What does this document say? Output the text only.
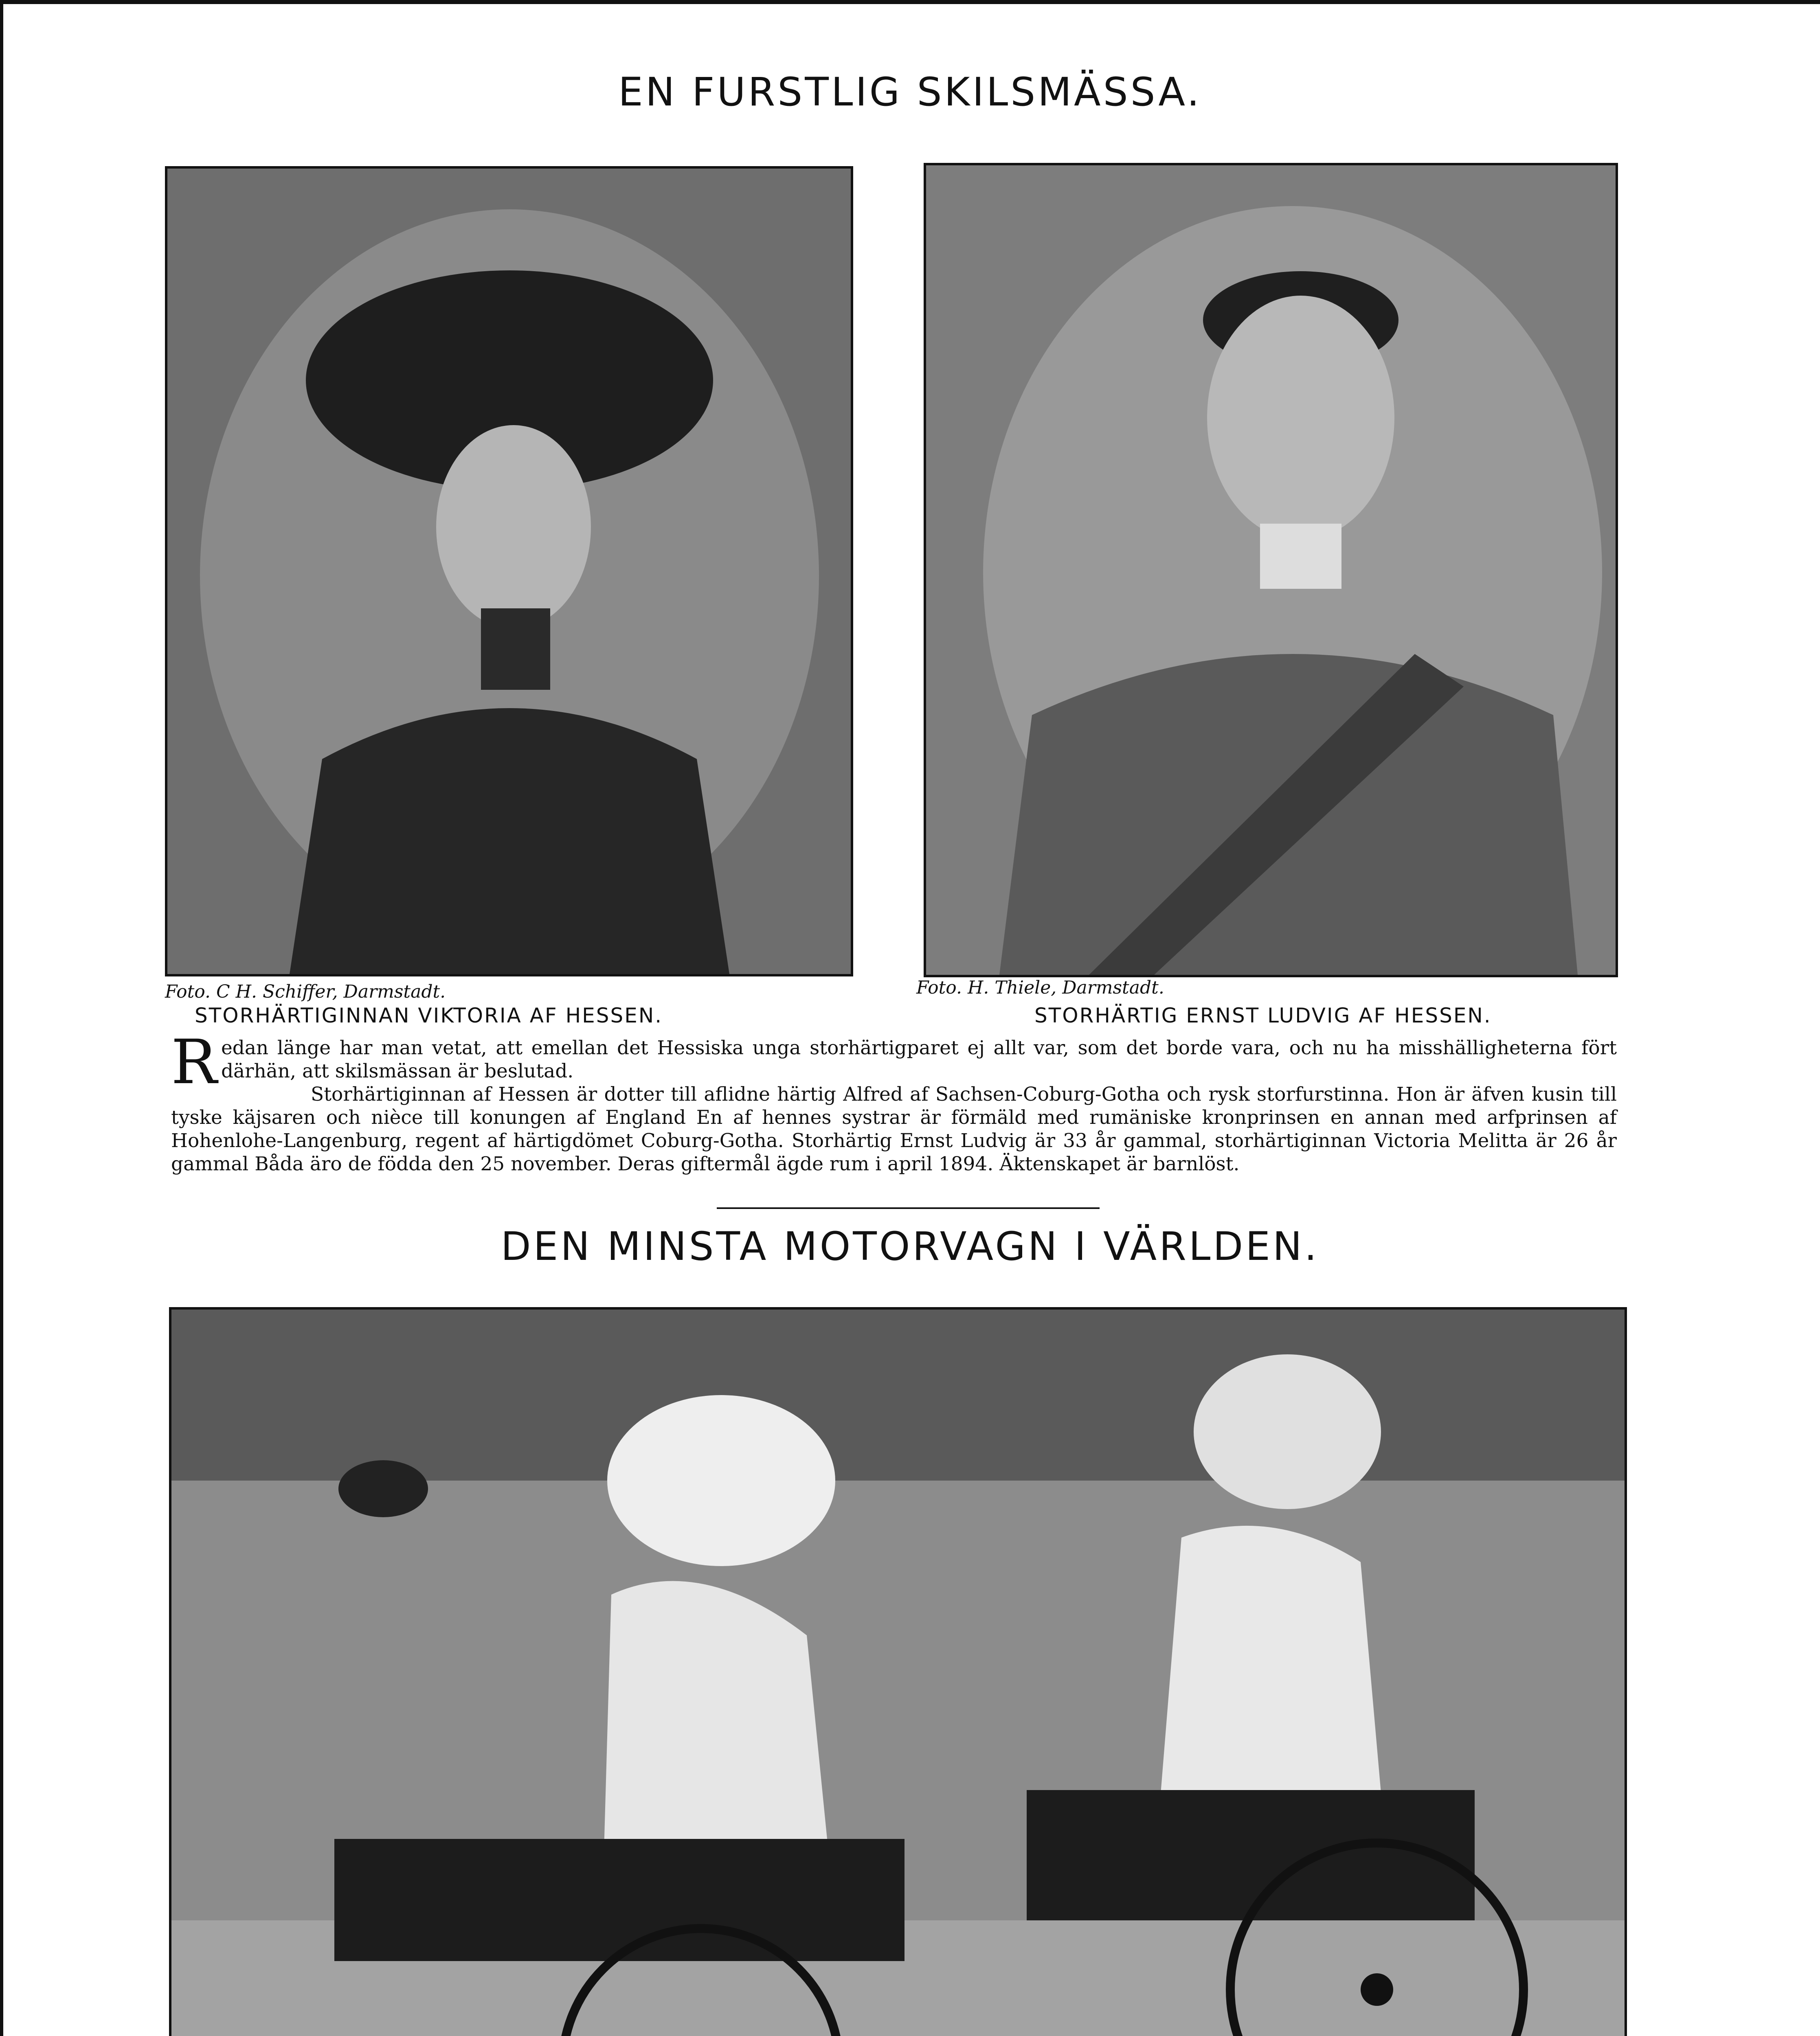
EN FURSTLIG SKILSMÄSSA.
Foto. C H. Schiffer, Darmstadt.
STORHÄRTIGINNAN VIKTORIA AF HESSEN.
Foto. H. Thiele, Darmstadt.
STORHÄRTIG ERNST LUDVIG AF HESSEN.
R edan länge har man vetat, att emellan det Hessiska unga storhärtigparet ej allt var, som det borde vara, och nu ha misshälligheterna fört därhän, att skilsmässan är beslutad.
Storhärtiginnan af Hessen är dotter till aflidne härtig Alfred af Sachsen-Coburg-Gotha och rysk storfurstinna. Hon är äfven kusin till tyske käjsaren och nièce till konungen af England En af hennes systrar är förmäld med rumäniske kronprinsen en annan med arfprinsen af Hohenlohe-Langenburg, regent af härtigdömet Coburg-Gotha. Storhärtig Ernst Ludvig är 33 år gammal, storhärtiginnan Victoria Melitta är 26 år gammal Båda äro de födda den 25 november. Deras giftermål ägde rum i april 1894. Äktenskapet är barnlöst.
DEN MINSTA MOTORVAGN I VÄRLDEN.
